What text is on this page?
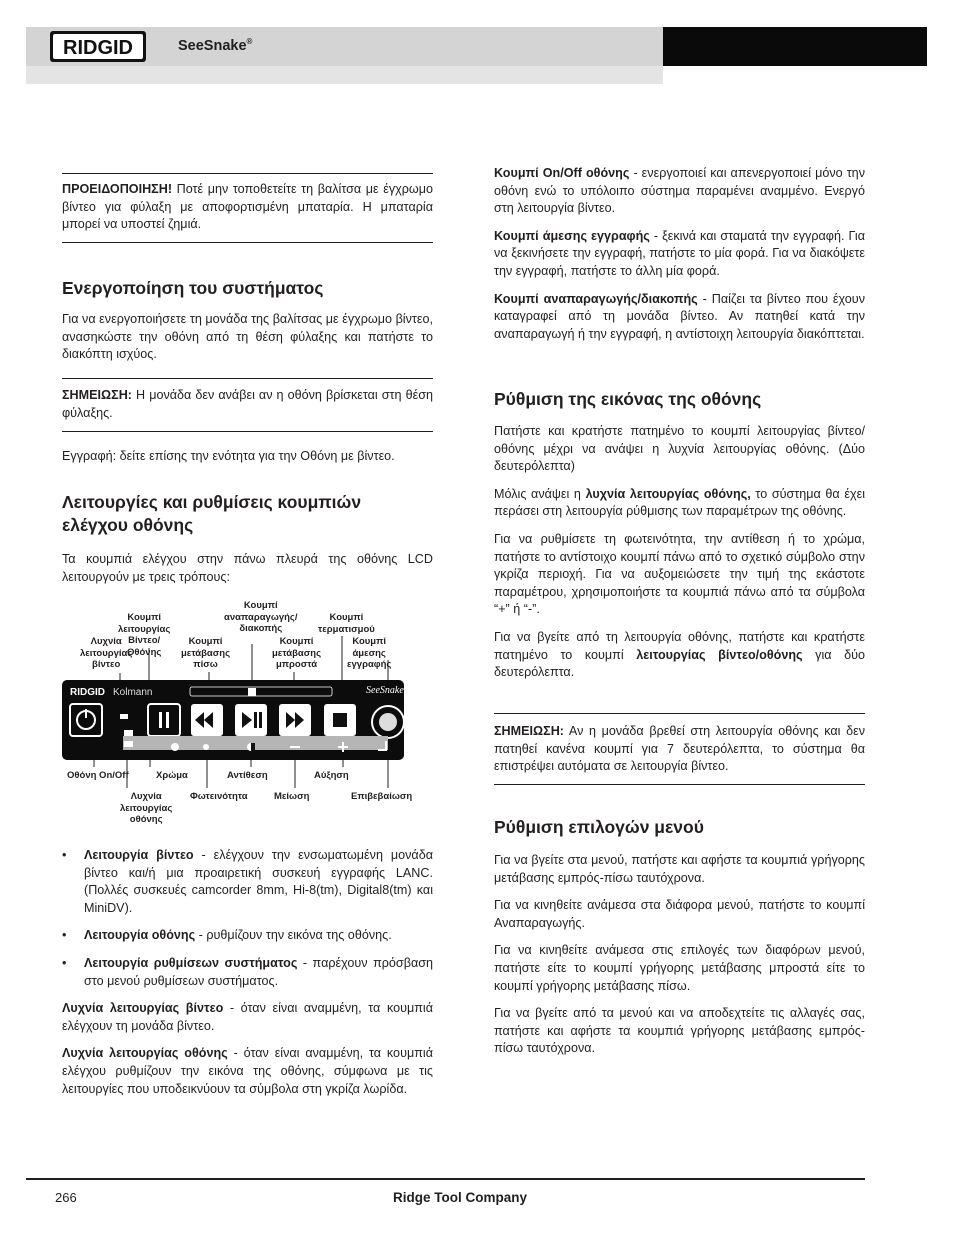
RIDGID	SeeSnake®

ΠΡΟΕΙΔΟΠΟΙΗΣΗ! Ποτέ μην τοποθετείτε τη βαλίτσα με έγχρωμο βίντεο για φύλαξη με αποφορτισμένη μπαταρία. Η μπαταρία μπορεί να υποστεί ζημιά.

Ενεργοποίηση του συστήματος

Για να ενεργοποιήσετε τη μονάδα της βαλίτσας με έγχρωμο βίντεο, ανασηκώστε την οθόνη από τη θέση φύλαξης και πατήστε το διακόπτη ισχύος.

ΣΗΜΕΙΩΣΗ: Η μονάδα δεν ανάβει αν η οθόνη βρίσκεται στη θέση φύλαξης.

Εγγραφή: δείτε επίσης την ενότητα για την Οθόνη με βίντεο.

Λειτουργίες και ρυθμίσεις κουμπιών ελέγχου οθόνης

Τα κουμπιά ελέγχου στην πάνω πλευρά της οθόνης LCD λειτουργούν με τρεις τρόπους:

Λυχνία
λειτουργίας
βίντεο
Κουμπί λειτουργίας
Βίντεο/Οθόνης
Κουμπί
αναπαραγωγής/
διακοπής
Κουμπί
τερματισμού
Κουμπί
μετάβασης
πίσω
Κουμπί
μετάβασης
μπροστά
Κουμπί άμεσης
εγγραφής
RIDGID Kolmann	SeeSnake
Οθόνη On/Off	Χρώμα	Αντίθεση	Αύξηση
Λυχνία
λειτουργίας
οθόνης
Φωτεινότητα	Μείωση	Επιβεβαίωση
• Λειτουργία βίντεο - ελέγχουν την ενσωματωμένη μονάδα βίντεο και/ή μια προαιρετική συσκευή εγγραφής LANC. (Πολλές συσκευές camcorder 8mm, Hi-8(tm), Digital8(tm) και MiniDV).
• Λειτουργία οθόνης - ρυθμίζουν την εικόνα της οθόνης.
• Λειτουργία ρυθμίσεων συστήματος - παρέχουν πρόσβαση στο μενού ρυθμίσεων συστήματος.

Λυχνία λειτουργίας βίντεο - όταν είναι αναμμένη, τα κουμπιά ελέγχουν τη μονάδα βίντεο.

Λυχνία λειτουργίας οθόνης - όταν είναι αναμμένη, τα κουμπιά ελέγχου ρυθμίζουν την εικόνα της οθόνης, σύμφωνα με τις λειτουργίες που υποδεικνύουν τα σύμβολα στη γκρίζα λωρίδα.

Κουμπί On/Off οθόνης - ενεργοποιεί και απενεργοποιεί μόνο την οθόνη ενώ το υπόλοιπο σύστημα παραμένει αναμμένο. Ενεργό στη λειτουργία βίντεο.

Κουμπί άμεσης εγγραφής - ξεκινά και σταματά την εγγραφή. Για να ξεκινήσετε την εγγραφή, πατήστε το μία φορά. Για να διακόψετε την εγγραφή, πατήστε το άλλη μία φορά.

Κουμπί αναπαραγωγής/διακοπής - Παίζει τα βίντεο που έχουν καταγραφεί από τη μονάδα βίντεο. Αν πατηθεί κατά την αναπαραγωγή ή την εγγραφή, η αντίστοιχη λειτουργία διακόπτεται.

Ρύθμιση της εικόνας της οθόνης

Πατήστε και κρατήστε πατημένο το κουμπί λειτουργίας βίντεο/οθόνης μέχρι να ανάψει η λυχνία λειτουργίας οθόνης. (Δύο δευτερόλεπτα)

Μόλις ανάψει η λυχνία λειτουργίας οθόνης, το σύστημα θα έχει περάσει στη λειτουργία ρύθμισης των παραμέτρων της οθόνης.

Για να ρυθμίσετε τη φωτεινότητα, την αντίθεση ή το χρώμα, πατήστε το αντίστοιχο κουμπί πάνω από το σχετικό σύμβολο στην γκρίζα περιοχή. Για να αυξομειώσετε την τιμή της εκάστοτε παραμέτρου, χρησιμοποιήστε τα κουμπιά πάνω από τα σύμβολα “+” ή “-”.

Για να βγείτε από τη λειτουργία οθόνης, πατήστε και κρατήστε πατημένο το κουμπί λειτουργίας βίντεο/οθόνης για δύο δευτερόλεπτα.

ΣΗΜΕΙΩΣΗ: Αν η μονάδα βρεθεί στη λειτουργία οθόνης και δεν πατηθεί κανένα κουμπί για 7 δευτερόλεπτα, το σύστημα θα επιστρέψει αυτόματα σε λειτουργία βίντεο.

Ρύθμιση επιλογών μενού

Για να βγείτε στα μενού, πατήστε και αφήστε τα κουμπιά γρήγορης μετάβασης εμπρός-πίσω ταυτόχρονα.

Για να κινηθείτε ανάμεσα στα διάφορα μενού, πατήστε το κουμπί Αναπαραγωγής.

Για να κινηθείτε ανάμεσα στις επιλογές των διαφόρων μενού, πατήστε είτε το κουμπί γρήγορης μετάβασης μπροστά είτε το κουμπί γρήγορης μετάβασης πίσω.

Για να βγείτε από τα μενού και να αποδεχτείτε τις αλλαγές σας, πατήστε και αφήστε τα κουμπιά γρήγορης μετάβασης εμπρός-πίσω ταυτόχρονα.

266	Ridge Tool Company
